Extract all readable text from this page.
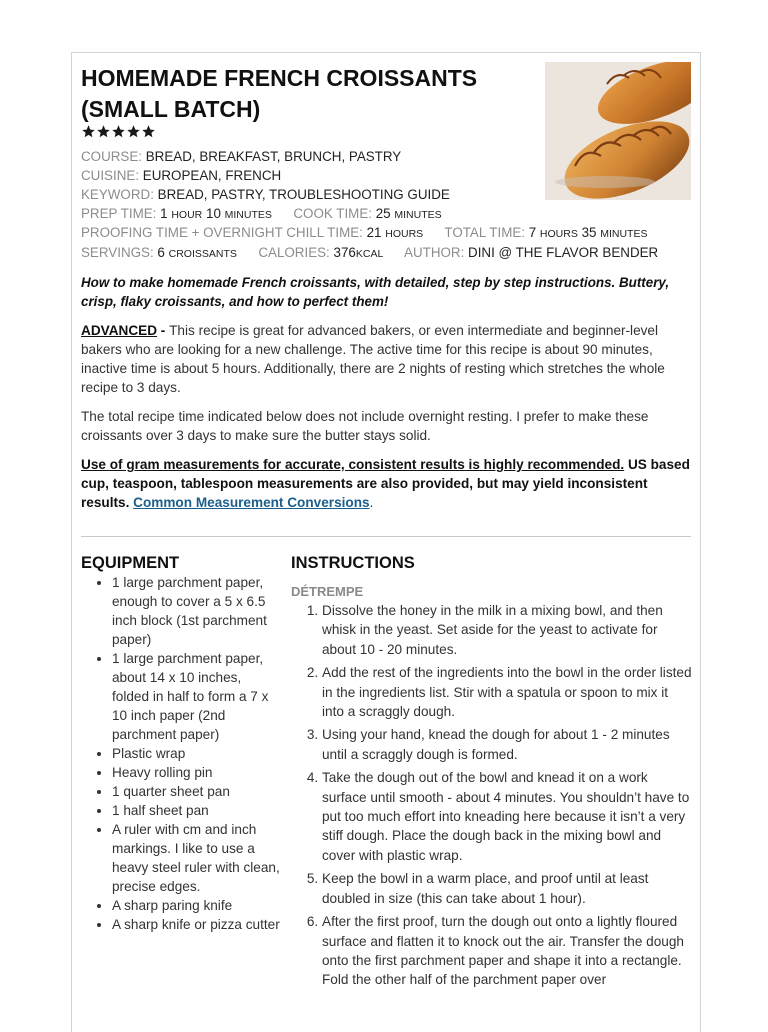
HOMEMADE FRENCH CROISSANTS
(SMALL BATCH)
COURSE: BREAD, BREAKFAST, BRUNCH, PASTRY
CUISINE: EUROPEAN, FRENCH
KEYWORD: BREAD, PASTRY, TROUBLESHOOTING GUIDE
PREP TIME: 1 HOUR 10 MINUTES COOK TIME: 25 MINUTES
PROOFING TIME + OVERNIGHT CHILL TIME: 21 HOURS TOTAL TIME: 7 HOURS 35 MINUTES
SERVINGS: 6 CROISSANTS CALORIES: 376KCAL AUTHOR: DINI @ THE FLAVOR BENDER

How to make homemade French croissants, with detailed, step by step instructions. Buttery, crisp, flaky croissants, and how to perfect them!

ADVANCED - This recipe is great for advanced bakers, or even intermediate and beginner-level bakers who are looking for a new challenge. The active time for this recipe is about 90 minutes, inactive time is about 5 hours. Additionally, there are 2 nights of resting which stretches the whole recipe to 3 days.

The total recipe time indicated below does not include overnight resting. I prefer to make these croissants over 3 days to make sure the butter stays solid.

Use of gram measurements for accurate, consistent results is highly recommended. US based cup, teaspoon, tablespoon measurements are also provided, but may yield inconsistent results. Common Measurement Conversions.

EQUIPMENT
• 1 large parchment paper, enough to cover a 5 x 6.5 inch block (1st parchment paper)
• 1 large parchment paper, about 14 x 10 inches, folded in half to form a 7 x 10 inch paper (2nd parchment paper)
• Plastic wrap
• Heavy rolling pin
• 1 quarter sheet pan
• 1 half sheet pan
• A ruler with cm and inch markings. I like to use a heavy steel ruler with clean, precise edges.
• A sharp paring knife
• A sharp knife or pizza cutter
INSTRUCTIONS
DÉTREMPE
1. Dissolve the honey in the milk in a mixing bowl, and then whisk in the yeast. Set aside for the yeast to activate for about 10 - 20 minutes.
2. Add the rest of the ingredients into the bowl in the order listed in the ingredients list. Stir with a spatula or spoon to mix it into a scraggly dough.
3. Using your hand, knead the dough for about 1 - 2 minutes until a scraggly dough is formed.
4. Take the dough out of the bowl and knead it on a work surface until smooth - about 4 minutes. You shouldn’t have to put too much effort into kneading here because it isn’t a very stiff dough. Place the dough back in the mixing bowl and cover with plastic wrap.
5. Keep the bowl in a warm place, and proof until at least doubled in size (this can take about 1 hour).
6. After the first proof, turn the dough out onto a lightly floured surface and flatten it to knock out the air. Transfer the dough onto the first parchment paper and shape it into a rectangle. Fold the other half of the parchment paper over
